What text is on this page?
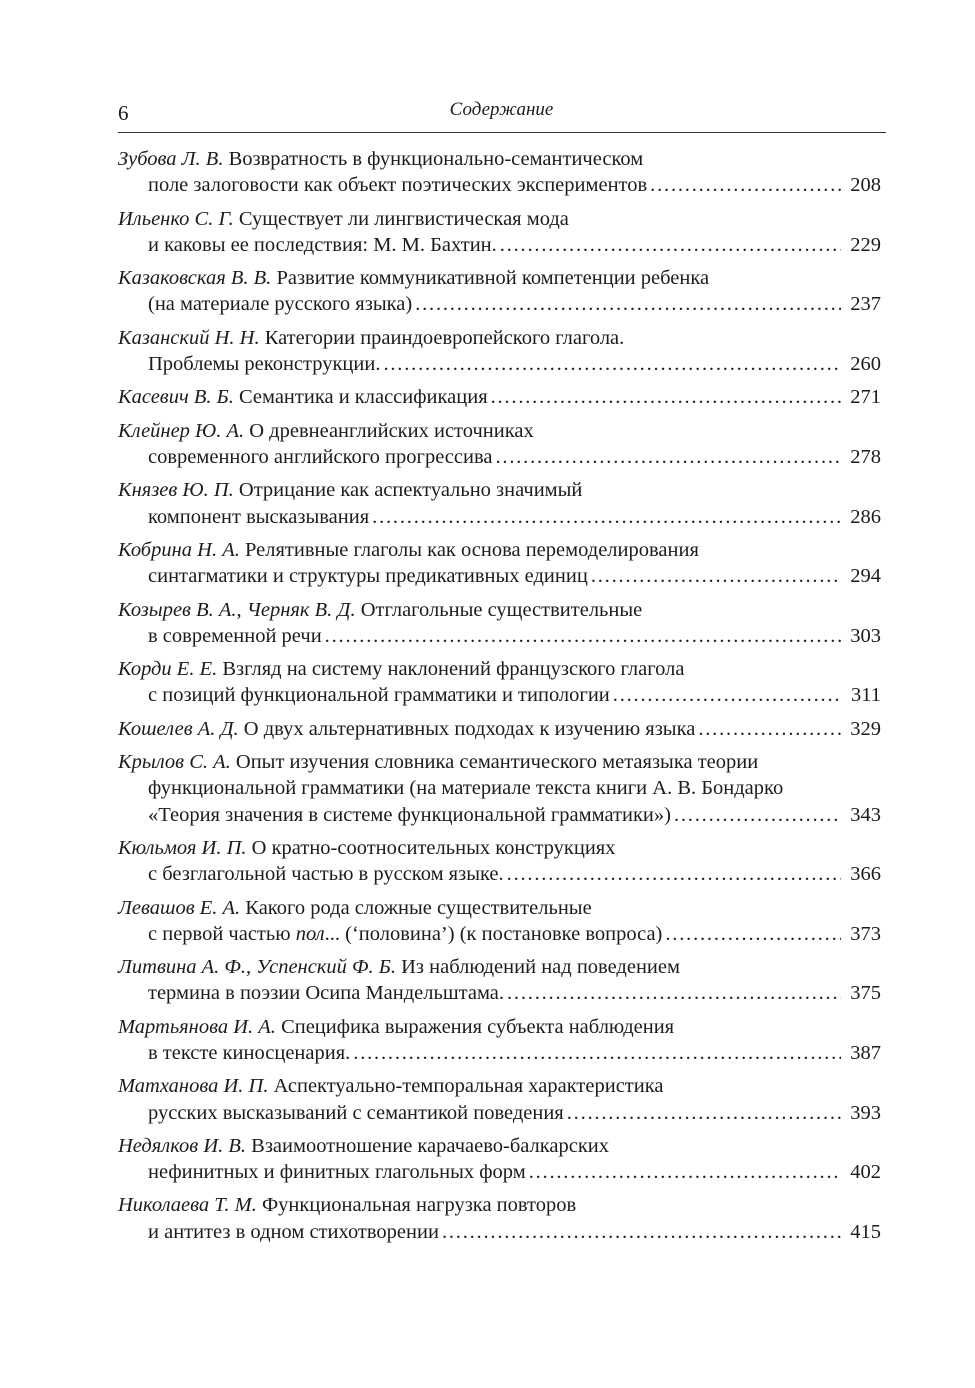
6	Содержание
Зубова Л. В. Возвратность в функционально-семантическом
поле залоговости как объект поэтических экспериментов .....	208
Ильенко С. Г. Существует ли лингвистическая мода
и каковы ее последствия: М. М. Бахтин. .....	229
Казаковская В. В. Развитие коммуникативной компетенции ребенка
(на материале русского языка) .....	237
Казанский Н. Н. Категории праиндоевропейского глагола.
Проблемы реконструкции. .....	260
Касевич В. Б. Семантика и классификация .....	271
Клейнер Ю. А. О древнеанглийских источниках
современного английского прогрессива .....	278
Князев Ю. П. Отрицание как аспектуально значимый
компонент высказывания .....	286
Кобрина Н. А. Релятивные глаголы как основа перемоделирования
синтагматики и структуры предикативных единиц .....	294
Козырев В. А., Черняк В. Д. Отглагольные существительные
в современной речи .....	303
Корди Е. Е. Взгляд на систему наклонений французского глагола
с позиций функциональной грамматики и типологии .....	311
Кошелев А. Д. О двух альтернативных подходах к изучению языка .....	329
Крылов С. А. Опыт изучения словника семантического метаязыка теории
функциональной грамматики (на материале текста книги А. В. Бондарко
«Теория значения в системе функциональной грамматики») .....	343
Кюльмоя И. П. О кратно-соотносительных конструкциях
с безглагольной частью в русском языке. .....	366
Левашов Е. А. Какого рода сложные существительные
с первой частью пол... (‘половина’) (к постановке вопроса) .....	373
Литвина А. Ф., Успенский Ф. Б. Из наблюдений над поведением
термина в поэзии Осипа Мандельштама. .....	375
Мартьянова И. А. Специфика выражения субъекта наблюдения
в тексте киносценария. .....	387
Матханова И. П. Аспектуально-темпоральная характеристика
русских высказываний с семантикой поведения .....	393
Недялков И. В. Взаимоотношение карачаево-балкарских
нефинитных и финитных глагольных форм .....	402
Николаева Т. М. Функциональная нагрузка повторов
и антитез в одном стихотворении .....	415
